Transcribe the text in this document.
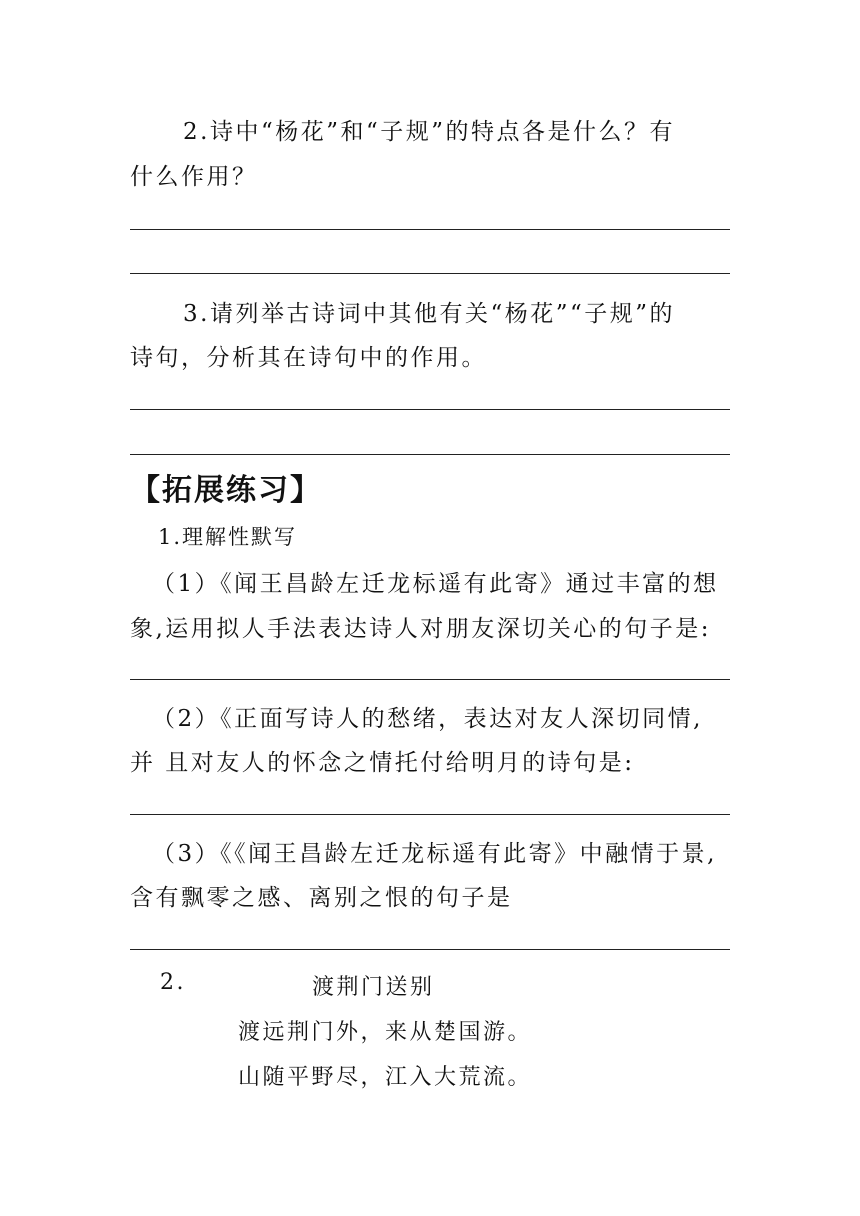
2.诗中“杨花”和“子规”的特点各是什么？有
什么作用？
3.请列举古诗词中其他有关“杨花”“子规”的
诗句，分析其在诗句中的作用。
【拓展练习】
1.理解性默写
（1）《闻王昌龄左迁龙标遥有此寄》通过丰富的想
象,运用拟人手法表达诗人对朋友深切关心的句子是:
（2）《正面写诗人的愁绪，表达对友人深切同情,
并 且对友人的怀念之情托付给明月的诗句是:
（3）《《闻王昌龄左迁龙标遥有此寄》中融情于景,
含有飘零之感、离别之恨的句子是
2.	渡荆门送别
渡远荆门外，来从楚国游。
山随平野尽，江入大荒流。
